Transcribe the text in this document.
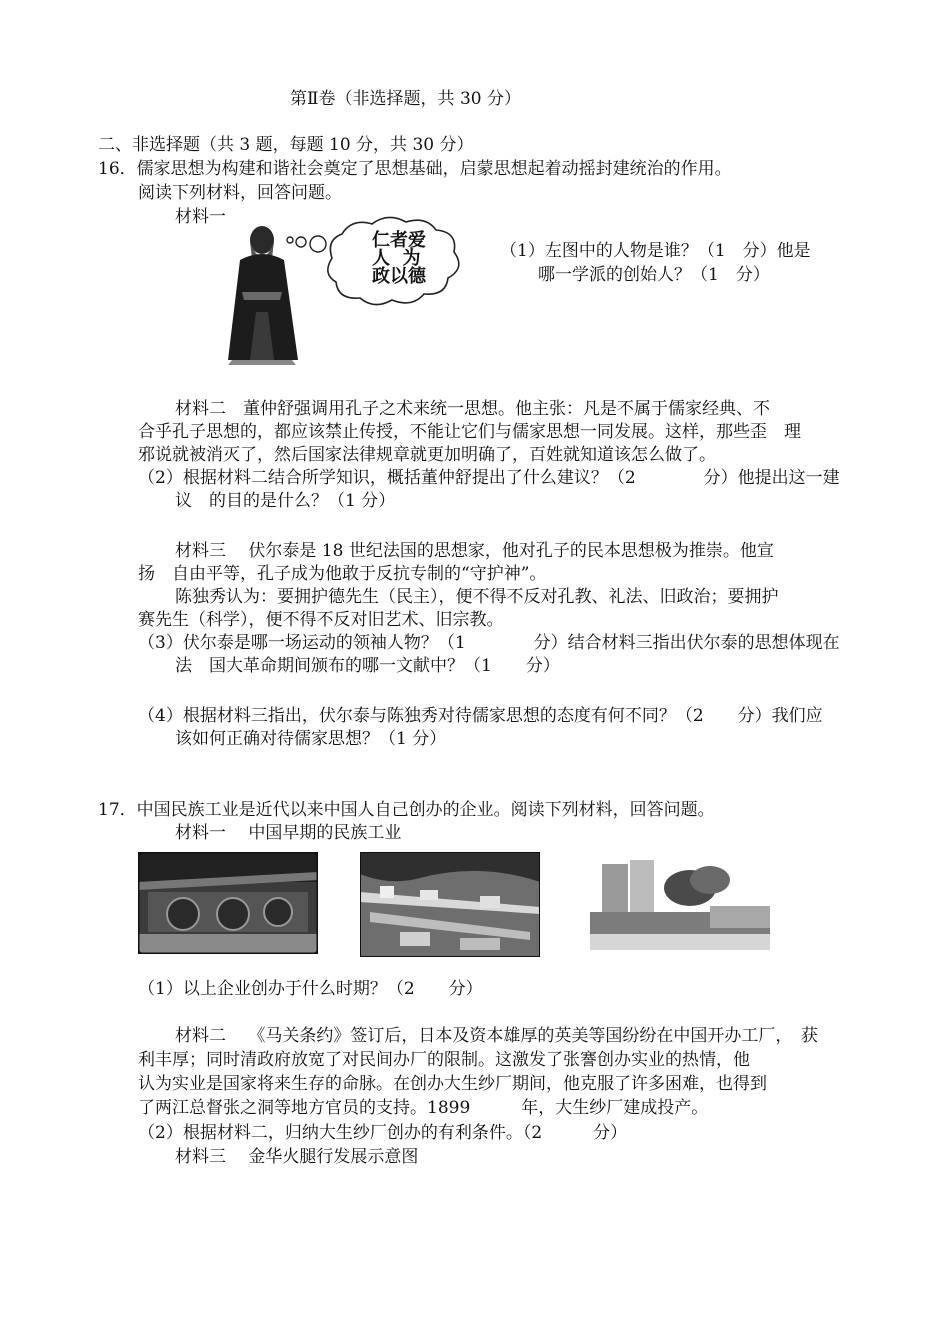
第Ⅱ卷（非选择题，共 30 分）
二、非选择题（共 3 题，每题 10 分，共 30 分）
16．儒家思想为构建和谐社会奠定了思想基础，启蒙思想起着动摇封建统治的作用。
阅读下列材料，回答问题。
材料一
仁者爱
人  为
政以德
（1）左图中的人物是谁？（1　分）他是
哪一学派的创始人？（1　分）
材料二　董仲舒强调用孔子之术来统一思想。他主张：凡是不属于儒家经典、不
合乎孔子思想的，都应该禁止传授，不能让它们与儒家思想一同发展。这样，那些歪　理
邪说就被消灭了，然后国家法律规章就更加明确了，百姓就知道该怎么做了。
（2）根据材料二结合所学知识，概括董仲舒提出了什么建议？（2　　　　分）他提出这一建
议　的目的是什么？（1 分）
材料三　 伏尔泰是 18 世纪法国的思想家，他对孔子的民本思想极为推崇。他宣
扬　自由平等，孔子成为他敢于反抗专制的“守护神”。
陈独秀认为：要拥护德先生（民主），便不得不反对孔教、礼法、旧政治；要拥护
赛先生（科学），便不得不反对旧艺术、旧宗教。
（3）伏尔泰是哪一场运动的领袖人物？（1　　　　分）结合材料三指出伏尔泰的思想体现在
法　国大革命期间颁布的哪一文献中？（1　　分）
（4）根据材料三指出，伏尔泰与陈独秀对待儒家思想的态度有何不同？（2　　分）我们应
该如何正确对待儒家思想？（1 分）
17．中国民族工业是近代以来中国人自己创办的企业。阅读下列材料，回答问题。
材料一　 中国早期的民族工业
（1）以上企业创办于什么时期？（2　　分）
材料二　 《马关条约》签订后，日本及资本雄厚的英美等国纷纷在中国开办工厂，　获
利丰厚；同时清政府放宽了对民间办厂的限制。这激发了张謇创办实业的热情，他
认为实业是国家将来生存的命脉。在创办大生纱厂期间，他克服了许多困难，也得到
了两江总督张之洞等地方官员的支持。1899　　　年，大生纱厂建成投产。
（2）根据材料二，归纳大生纱厂创办的有利条件。（2　　　分）
材料三　 金华火腿行发展示意图
